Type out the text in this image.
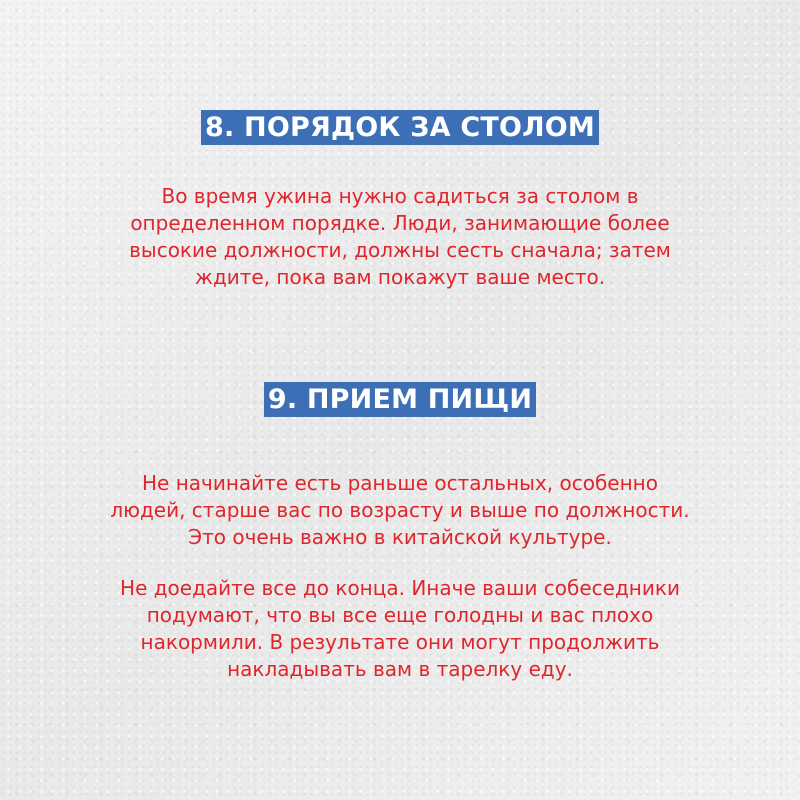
8. ПОРЯДОК ЗА СТОЛОМ
Во время ужина нужно садиться за столом в
определенном порядке. Люди, занимающие более
высокие должности, должны сесть сначала; затем
ждите, пока вам покажут ваше место.
9. ПРИЕМ ПИЩИ
Не начинайте есть раньше остальных, особенно
людей, старше вас по возрасту и выше по должности.
Это очень важно в китайской культуре.
Не доедайте все до конца. Иначе ваши собеседники
подумают, что вы все еще голодны и вас плохо
накормили. В результате они могут продолжить
накладывать вам в тарелку еду.
